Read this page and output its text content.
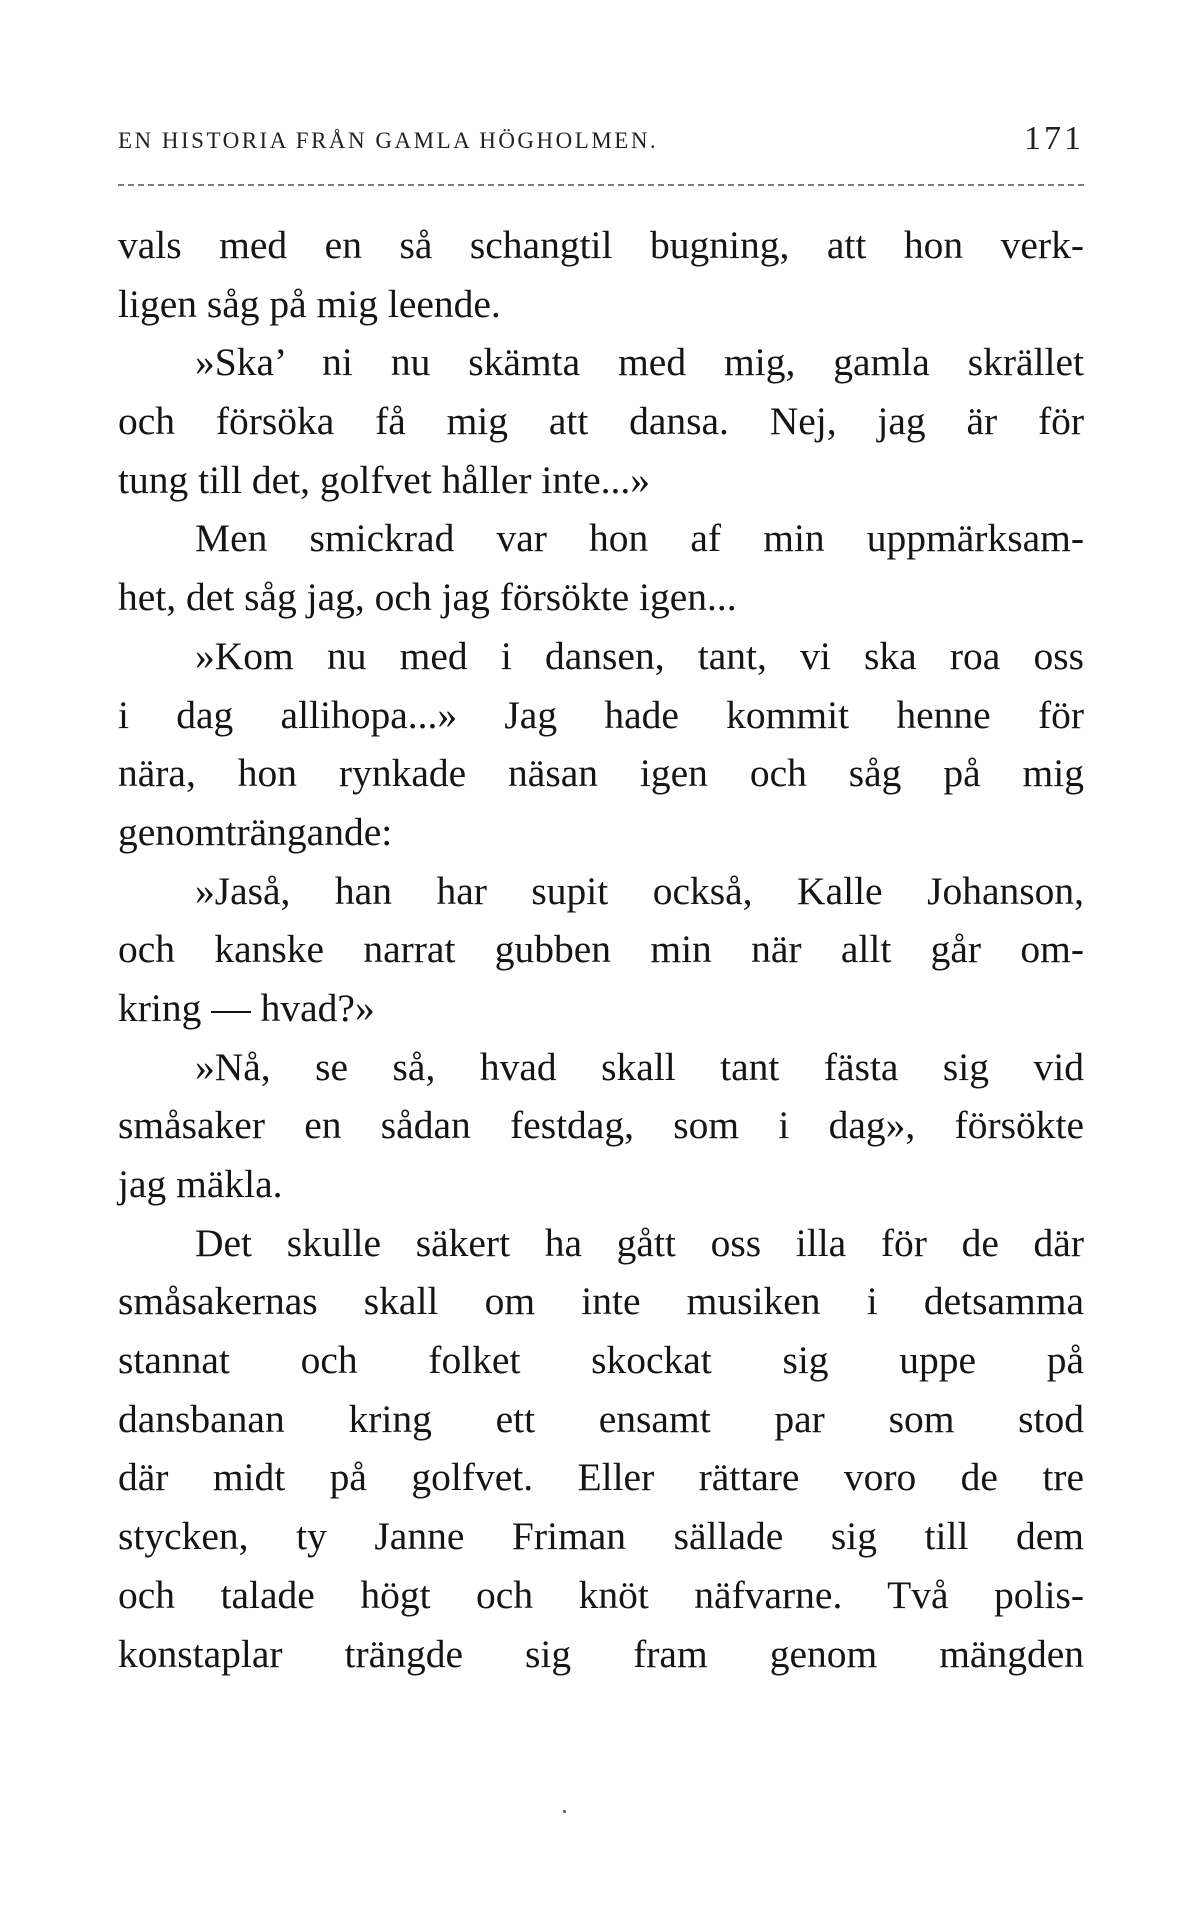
EN HISTORIA FRÅN GAMLA HÖGHOLMEN.	171
vals med en så schangtil bugning, att hon verk-
ligen såg på mig leende.
»Ska’ ni nu skämta med mig, gamla skrället
och försöka få mig att dansa. Nej, jag är för
tung till det, golfvet håller inte...»
Men smickrad var hon af min uppmärksam-
het, det såg jag, och jag försökte igen...
»Kom nu med i dansen, tant, vi ska roa oss
i dag allihopa...» Jag hade kommit henne för
nära, hon rynkade näsan igen och såg på mig
genomträngande:
»Jaså, han har supit också, Kalle Johanson,
och kanske narrat gubben min när allt går om-
kring — hvad?»
»Nå, se så, hvad skall tant fästa sig vid
småsaker en sådan festdag, som i dag», försökte
jag mäkla.
Det skulle säkert ha gått oss illa för de där
småsakernas skall om inte musiken i detsamma
stannat och folket skockat sig uppe på
dansbanan kring ett ensamt par som stod
där midt på golfvet. Eller rättare voro de tre
stycken, ty Janne Friman sällade sig till dem
och talade högt och knöt näfvarne. Två polis-
konstaplar trängde sig fram genom mängden
